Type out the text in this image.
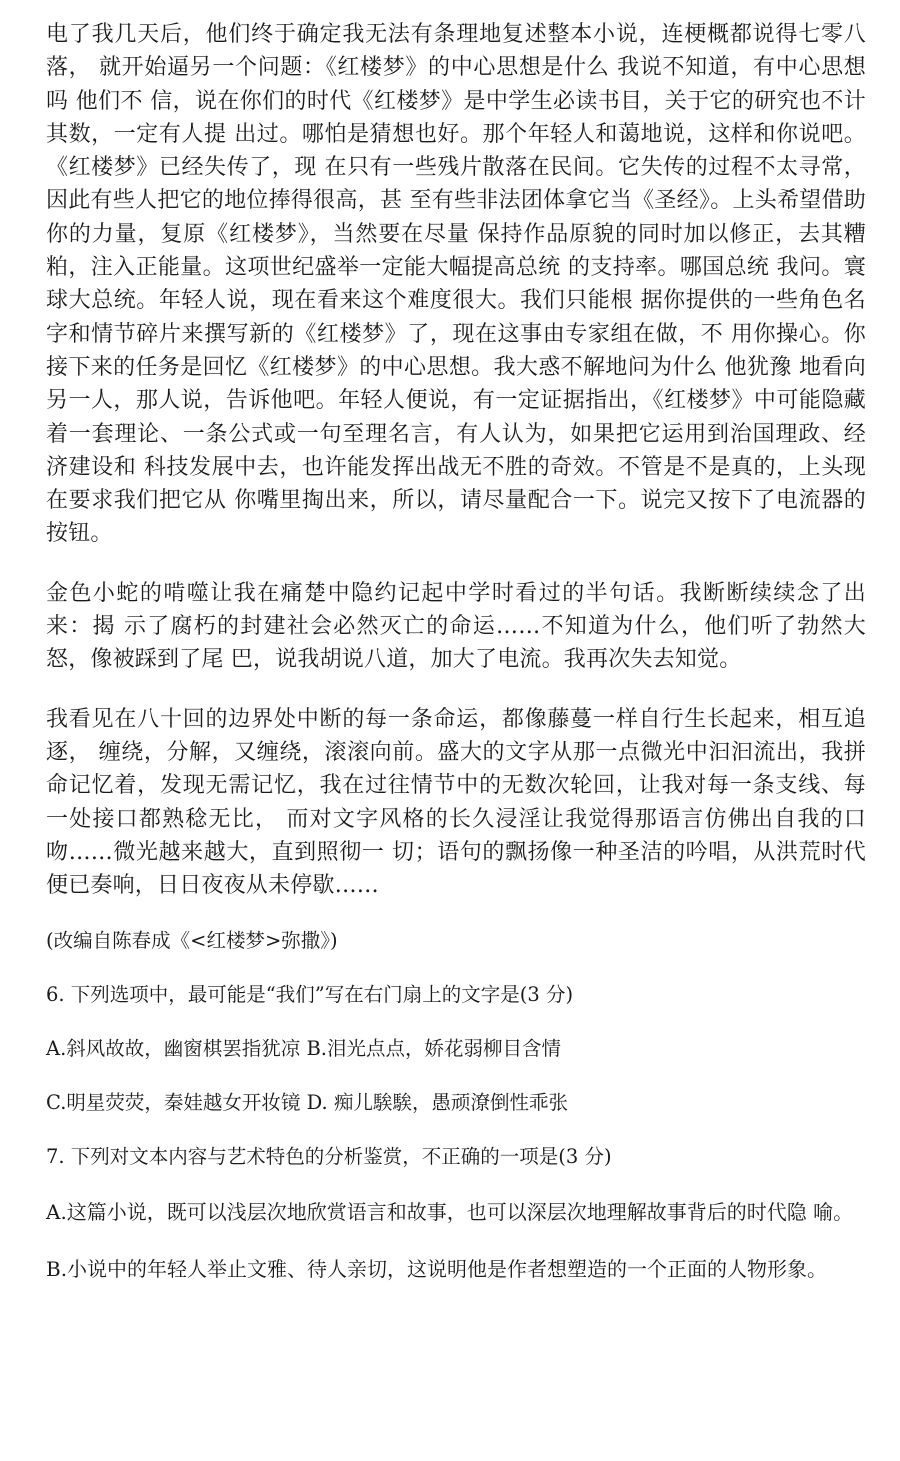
电了我几天后，他们终于确定我无法有条理地复述整本小说，连梗概都说得七零八落， 就开始逼另一个问题：《红楼梦》的中心思想是什么 我说不知道，有中心思想吗 他们不 信，说在你们的时代《红楼梦》是中学生必读书目，关于它的研究也不计其数，一定有人提 出过。哪怕是猜想也好。那个年轻人和蔼地说，这样和你说吧。《红楼梦》已经失传了，现 在只有一些残片散落在民间。它失传的过程不太寻常，因此有些人把它的地位捧得很高，甚 至有些非法团体拿它当《圣经》。上头希望借助你的力量，复原《红楼梦》，当然要在尽量 保持作品原貌的同时加以修正，去其糟粕，注入正能量。这项世纪盛举一定能大幅提高总统 的支持率。哪国总统 我问。寰球大总统。年轻人说，现在看来这个难度很大。我们只能根 据你提供的一些角色名字和情节碎片来撰写新的《红楼梦》了，现在这事由专家组在做，不 用你操心。你接下来的任务是回忆《红楼梦》的中心思想。我大惑不解地问为什么 他犹豫 地看向另一人，那人说，告诉他吧。年轻人便说，有一定证据指出，《红楼梦》中可能隐藏 着一套理论、一条公式或一句至理名言，有人认为，如果把它运用到治国理政、经济建设和 科技发展中去，也许能发挥出战无不胜的奇效。不管是不是真的，上头现在要求我们把它从 你嘴里掏出来，所以，请尽量配合一下。说完又按下了电流器的按钮。

金色小蛇的啃噬让我在痛楚中隐约记起中学时看过的半句话。我断断续续念了出来：揭 示了腐朽的封建社会必然灭亡的命运……不知道为什么，他们听了勃然大怒，像被踩到了尾 巴，说我胡说八道，加大了电流。我再次失去知觉。

我看见在八十回的边界处中断的每一条命运，都像藤蔓一样自行生长起来，相互追逐， 缠绕，分解，又缠绕，滚滚向前。盛大的文字从那一点微光中汩汩流出，我拼命记忆着，发现无需记忆，我在过往情节中的无数次轮回，让我对每一条支线、每一处接口都熟稔无比， 而对文字风格的长久浸淫让我觉得那语言仿佛出自我的口吻……微光越来越大，直到照彻一 切；语句的飘扬像一种圣洁的吟唱，从洪荒时代便已奏响，日日夜夜从未停歇……

(改编自陈春成《<红楼梦>弥撒》)

6. 下列选项中，最可能是“我们”写在右门扇上的文字是(3 分)

A.斜风故故，幽窗棋罢指犹凉 B.泪光点点，娇花弱柳目含情

C.明星荧荧，秦娃越女开妆镜 D. 痴儿騃騃，愚顽潦倒性乖张

7. 下列对文本内容与艺术特色的分析鉴赏，不正确的一项是(3 分)

A.这篇小说，既可以浅层次地欣赏语言和故事，也可以深层次地理解故事背后的时代隐 喻。

B.小说中的年轻人举止文雅、待人亲切，这说明他是作者想塑造的一个正面的人物形象。
